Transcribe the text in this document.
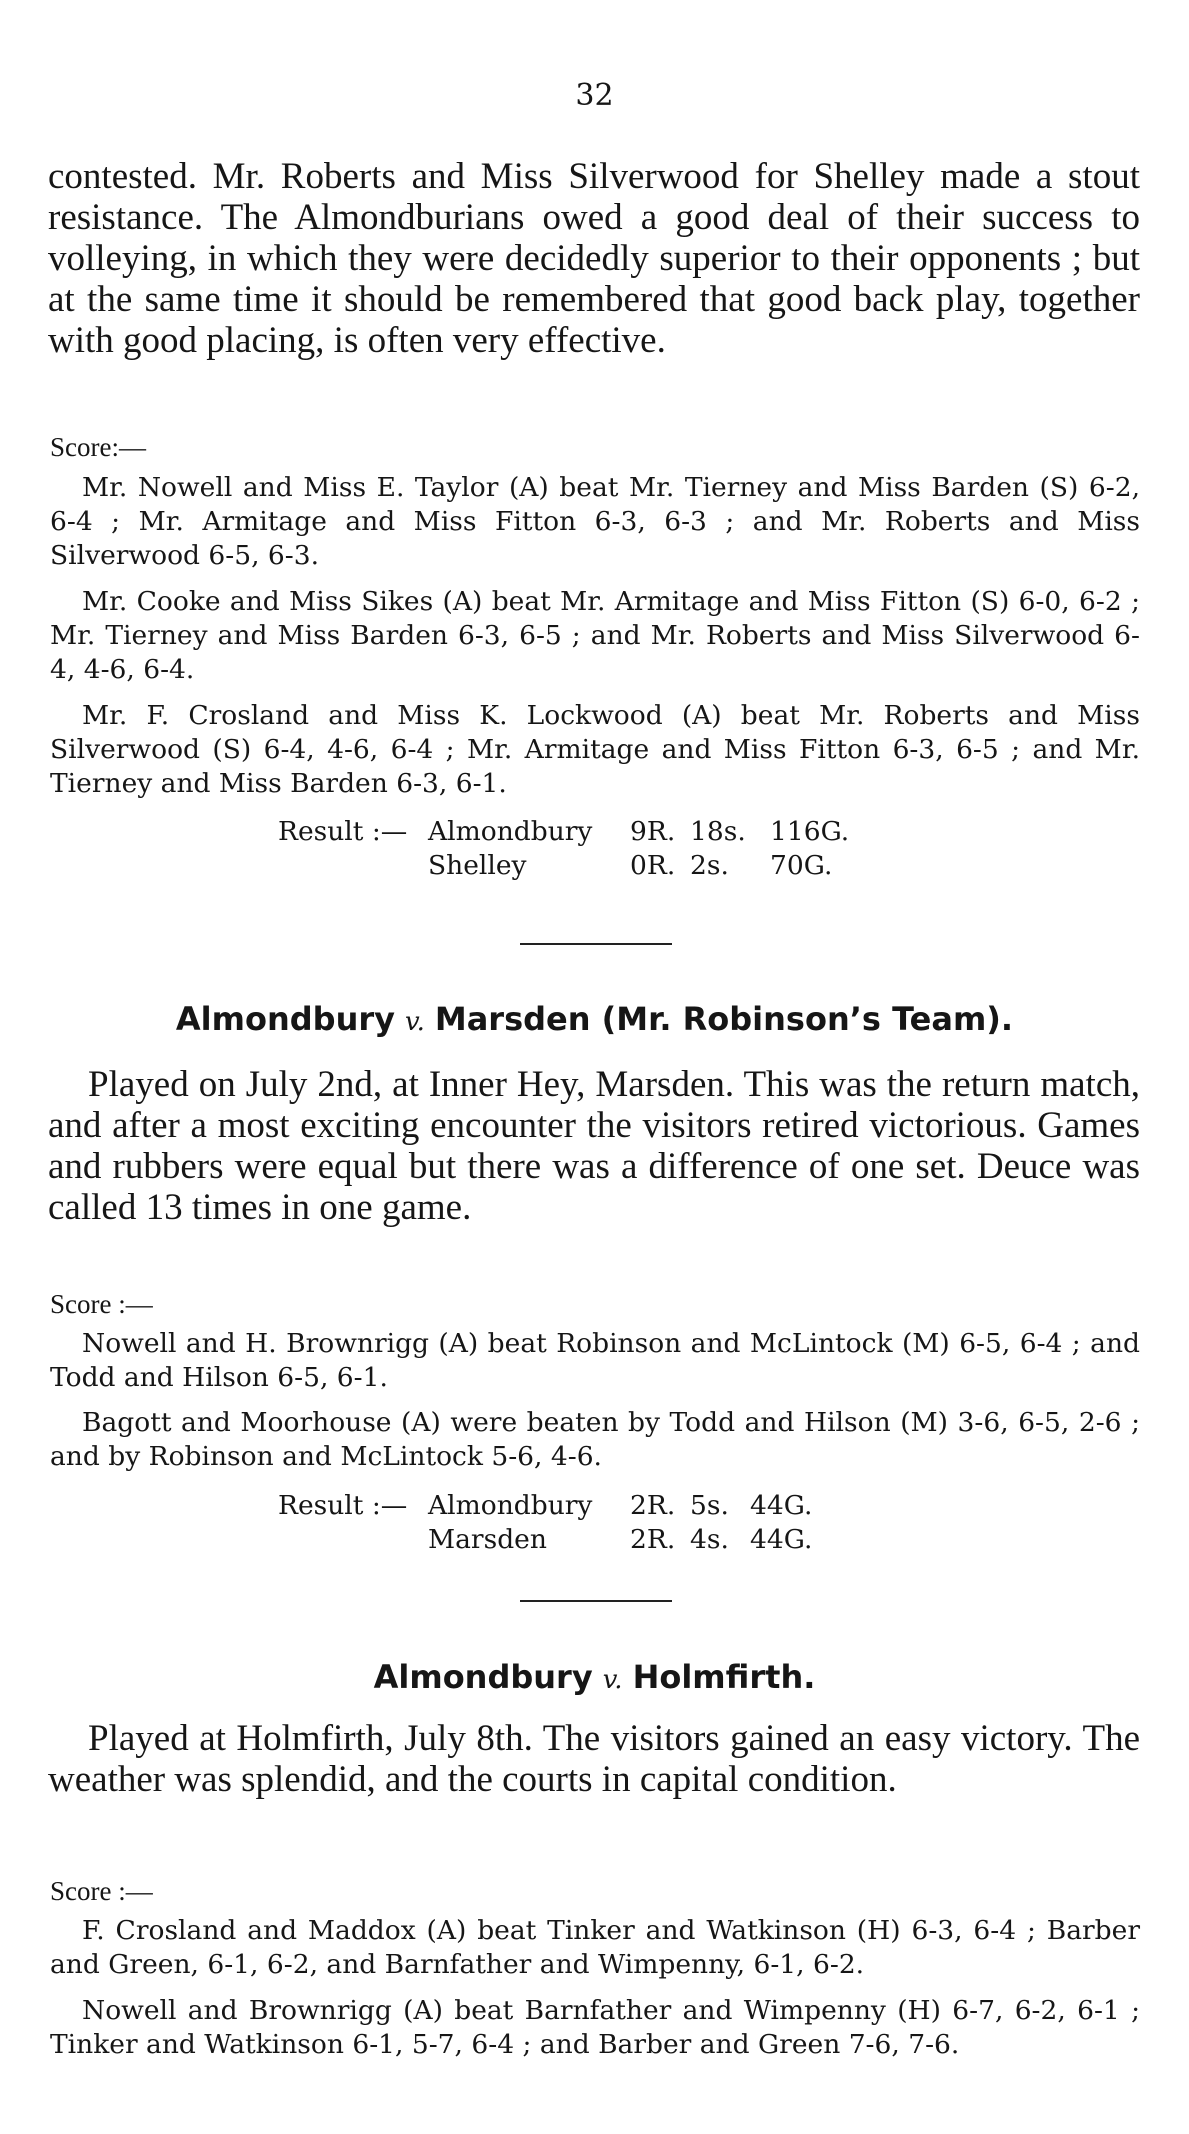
32

contested. Mr. Roberts and Miss Silverwood for Shelley made a stout resistance. The Almondburians owed a good deal of their success to volleying, in which they were decidedly superior to their opponents ; but at the same time it should be remembered that good back play, together with good placing, is often very effective.

Score:—

Mr. Nowell and Miss E. Taylor (A) beat Mr. Tierney and Miss Barden (S) 6-2, 6-4 ; Mr. Armitage and Miss Fitton 6-3, 6-3 ; and Mr. Roberts and Miss Silverwood 6-5, 6-3.

Mr. Cooke and Miss Sikes (A) beat Mr. Armitage and Miss Fitton (S) 6-0, 6-2 ; Mr. Tierney and Miss Barden 6-3, 6-5 ; and Mr. Roberts and Miss Silverwood 6-4, 4-6, 6-4.

Mr. F. Crosland and Miss K. Lockwood (A) beat Mr. Roberts and Miss Silverwood (S) 6-4, 4-6, 6-4 ; Mr. Armitage and Miss Fitton 6-3, 6-5 ; and Mr. Tierney and Miss Barden 6-3, 6-1.

Result :— Almondbury 9R. 18s. 116G.
Shelley	0R. 2s. 70G.
Almondbury v. Marsden (Mr. Robinson’s Team).

Played on July 2nd, at Inner Hey, Marsden. This was the return match, and after a most exciting encounter the visitors retired victorious. Games and rubbers were equal but there was a difference of one set. Deuce was called 13 times in one game.

Score :—

Nowell and H. Brownrigg (A) beat Robinson and McLintock (M) 6-5, 6-4 ; and Todd and Hilson 6-5, 6-1.

Bagott and Moorhouse (A) were beaten by Todd and Hilson (M) 3-6, 6-5, 2-6 ; and by Robinson and McLintock 5-6, 4-6.

Result :— Almondbury 2R. 5s. 44G.
Marsden	2R. 4s. 44G.
Almondbury v. Holmfirth.

Played at Holmfirth, July 8th. The visitors gained an easy victory. The weather was splendid, and the courts in capital condition.

Score :—

F. Crosland and Maddox (A) beat Tinker and Watkinson (H) 6-3, 6-4 ; Barber and Green, 6-1, 6-2, and Barnfather and Wimpenny, 6-1, 6-2.

Nowell and Brownrigg (A) beat Barnfather and Wimpenny (H) 6-7, 6-2, 6-1 ; Tinker and Watkinson 6-1, 5-7, 6-4 ; and Barber and Green 7-6, 7-6.
